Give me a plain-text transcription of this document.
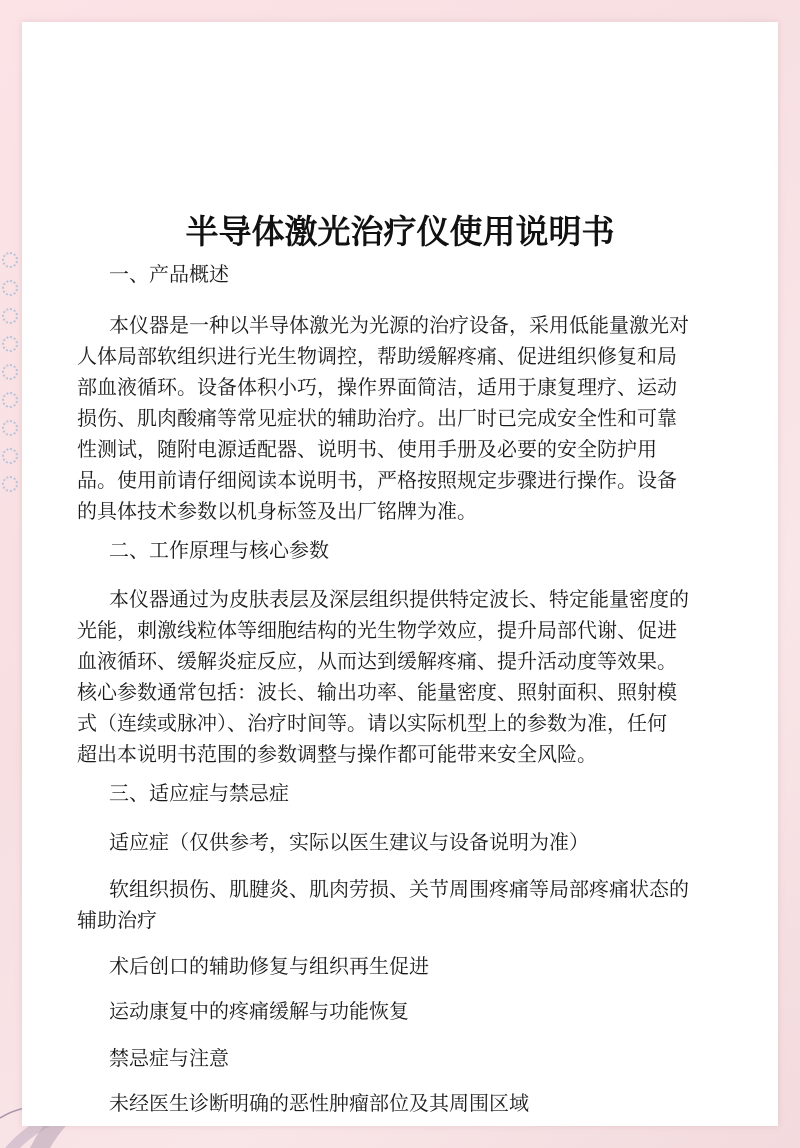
半导体激光治疗仪使用说明书

一、产品概述

本仪器是一种以半导体激光为光源的治疗设备，采用低能量激光对

人体局部软组织进行光生物调控，帮助缓解疼痛、促进组织修复和局

部血液循环。设备体积小巧，操作界面简洁，适用于康复理疗、运动

损伤、肌肉酸痛等常见症状的辅助治疗。出厂时已完成安全性和可靠

性测试，随附电源适配器、说明书、使用手册及必要的安全防护用

品。使用前请仔细阅读本说明书，严格按照规定步骤进行操作。设备

的具体技术参数以机身标签及出厂铭牌为准。

二、工作原理与核心参数

本仪器通过为皮肤表层及深层组织提供特定波长、特定能量密度的

光能，刺激线粒体等细胞结构的光生物学效应，提升局部代谢、促进

血液循环、缓解炎症反应，从而达到缓解疼痛、提升活动度等效果。

核心参数通常包括：波长、输出功率、能量密度、照射面积、照射模

式（连续或脉冲）、治疗时间等。请以实际机型上的参数为准，任何

超出本说明书范围的参数调整与操作都可能带来安全风险。

三、适应症与禁忌症

适应症（仅供参考，实际以医生建议与设备说明为准）

软组织损伤、肌腱炎、肌肉劳损、关节周围疼痛等局部疼痛状态的

辅助治疗

术后创口的辅助修复与组织再生促进

运动康复中的疼痛缓解与功能恢复

禁忌症与注意

未经医生诊断明确的恶性肿瘤部位及其周围区域
